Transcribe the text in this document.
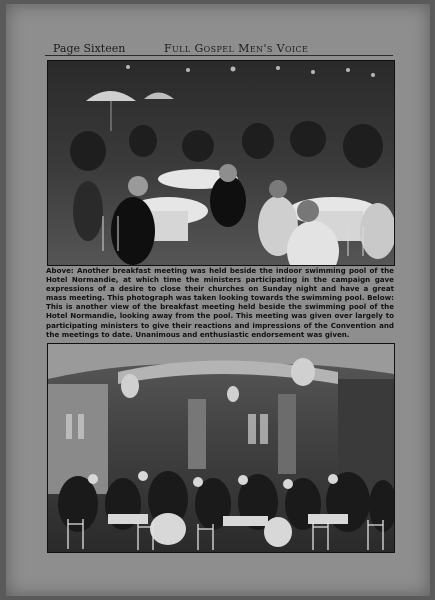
Page Sixteen	Full Gospel Men's Voice
Above: Another breakfast meeting was held beside the indoor swimming pool of the Hotel Normandie, at which time the ministers participating in the campaign gave expressions of a desire to close their churches on Sunday night and have a great mass meeting. This photograph was taken looking towards the swimming pool. Below: This is another view of the breakfast meeting held beside the swimming pool of the Hotel Normandie, looking away from the pool. This meeting was given over largely to participating ministers to give their reactions and impressions of the Convention and the meetings to date. Unanimous and enthusiastic endorsement was given.
